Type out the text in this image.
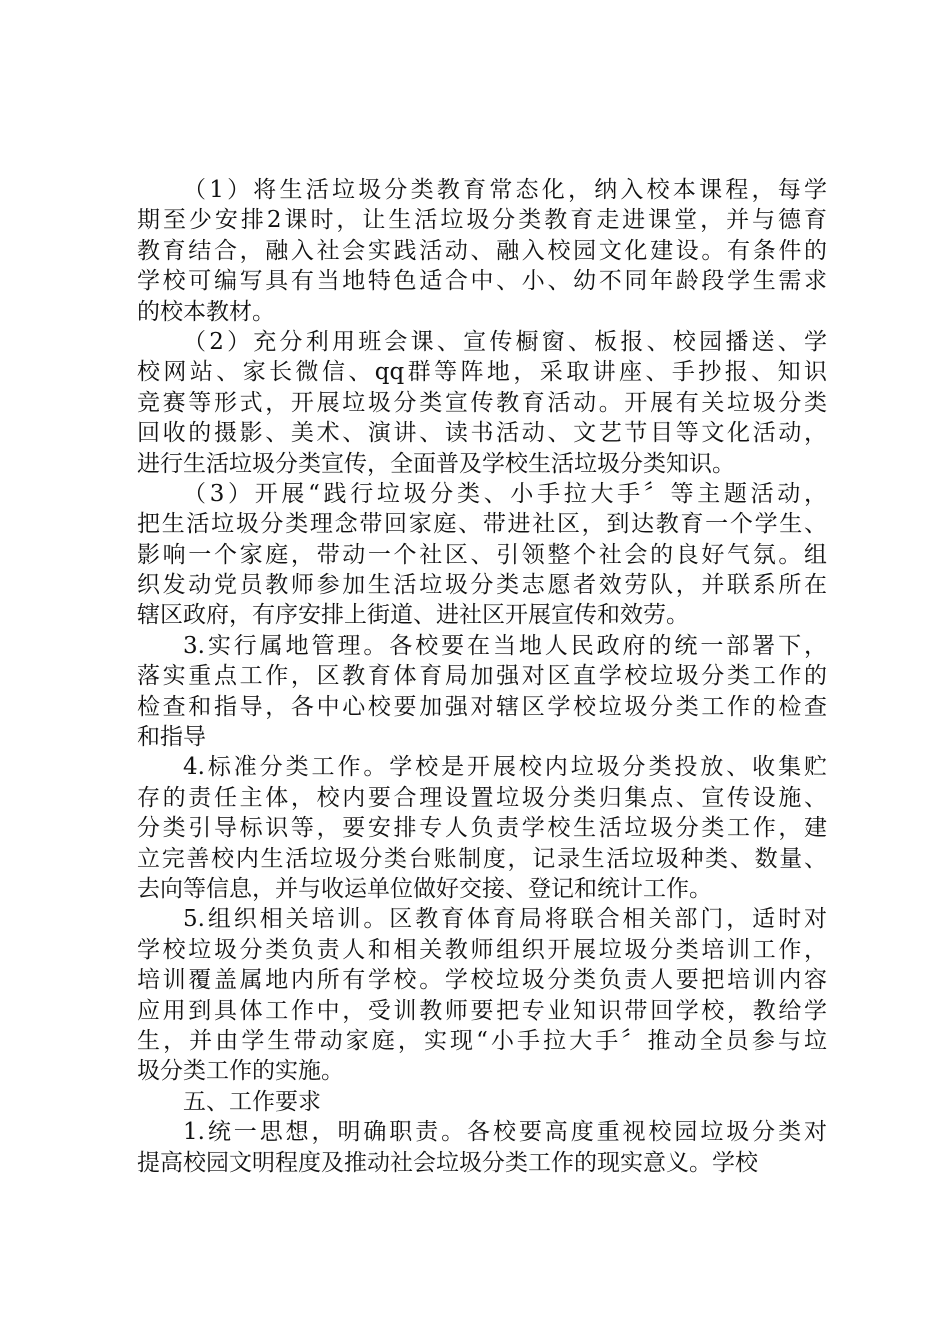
（1）将生活垃圾分类教育常态化，纳入校本课程，每学
期至少安排2课时，让生活垃圾分类教育走进课堂，并与德育
教育结合，融入社会实践活动、融入校园文化建设。有条件的
学校可编写具有当地特色适合中、小、幼不同年龄段学生需求
的校本教材。
（2）充分利用班会课、宣传橱窗、板报、校园播送、学
校网站、家长微信、qq群等阵地，采取讲座、手抄报、知识
竞赛等形式，开展垃圾分类宣传教育活动。开展有关垃圾分类
回收的摄影、美术、演讲、读书活动、文艺节目等文化活动，
进行生活垃圾分类宣传，全面普及学校生活垃圾分类知识。
（3）开展“践行垃圾分类、小手拉大手〞等主题活动，
把生活垃圾分类理念带回家庭、带进社区，到达教育一个学生、
影响一个家庭，带动一个社区、引领整个社会的良好气氛。组
织发动党员教师参加生活垃圾分类志愿者效劳队，并联系所在
辖区政府，有序安排上街道、进社区开展宣传和效劳。
3.实行属地管理。各校要在当地人民政府的统一部署下，
落实重点工作，区教育体育局加强对区直学校垃圾分类工作的
检查和指导，各中心校要加强对辖区学校垃圾分类工作的检查
和指导
4.标准分类工作。学校是开展校内垃圾分类投放、收集贮
存的责任主体，校内要合理设置垃圾分类归集点、宣传设施、
分类引导标识等，要安排专人负责学校生活垃圾分类工作，建
立完善校内生活垃圾分类台账制度，记录生活垃圾种类、数量、
去向等信息，并与收运单位做好交接、登记和统计工作。
5.组织相关培训。区教育体育局将联合相关部门，适时对
学校垃圾分类负责人和相关教师组织开展垃圾分类培训工作，
培训覆盖属地内所有学校。学校垃圾分类负责人要把培训内容
应用到具体工作中，受训教师要把专业知识带回学校，教给学
生，并由学生带动家庭，实现“小手拉大手〞推动全员参与垃
圾分类工作的实施。
五、工作要求
1.统一思想，明确职责。各校要高度重视校园垃圾分类对
提高校园文明程度及推动社会垃圾分类工作的现实意义。学校
